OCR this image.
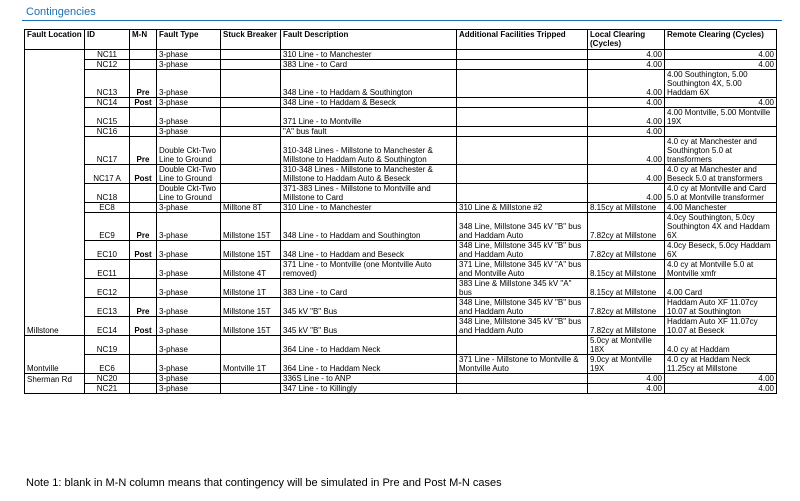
Contingencies
Fault Location	ID	M-N	Fault Type	Stuck Breaker	Fault Description	Additional Facilities Tripped	Local Clearing (Cycles)	Remote Clearing (Cycles)
	NC11		3-phase		310 Line - to Manchester		4.00	4.00
	NC12		3-phase		383 Line - to Card		4.00	4.00
	NC13	Pre	3-phase		348 Line - to Haddam & Southington		4.00	4.00 Southington, 5.00 Southington 4X, 5.00 Haddam 6X
	NC14	Post	3-phase		348 Line - to Haddam & Beseck		4.00	4.00
	NC15		3-phase		371 Line - to Montville		4.00	4.00 Montville, 5.00 Montville 19X
	NC16		3-phase		"A" bus fault		4.00	
	NC17	Pre	Double Ckt-Two Line to Ground		310-348 Lines - Millstone to Manchester & Millstone to Haddam Auto & Southington		4.00	4.0 cy at Manchester and Southington 5.0 at transformers
	NC17 A	Post	Double Ckt-Two Line to Ground		310-348 Lines - Millstone to Manchester & Millstone to Haddam Auto & Beseck		4.00	4.0 cy at Manchester and Beseck 5.0 at transformers
	NC18		Double Ckt-Two Line to Ground		371-383 Lines - Millstone to Montville and Millstone to Card		4.00	4.0 cy at Montville and Card 5.0 at Montville transformer
	EC8		3-phase	Milltone 8T	310 Line - to Manchester	310 Line & Millstone #2	8.15cy at Millstone	4.00 Manchester
	EC9	Pre	3-phase	Millstone 15T	348 Line - to Haddam and Southington	348 Line, Millstone 345 kV "B" bus and Haddam Auto	7.82cy at Millstone	4.0cy Southington, 5.0cy Southington 4X and Haddam 6X
	EC10	Post	3-phase	Millstone 15T	348 Line - to Haddam and Beseck	348 Line, Millstone 345 kV "B" bus and Haddam Auto	7.82cy at Millstone	4.0cy Beseck, 5.0cy Haddam 6X
	EC11		3-phase	Millstone 4T	371 Line - to Montville (one Montville Auto removed)	371 Line, Millstone 345 kV "A" bus and Montville Auto	8.15cy at Millstone	4.0 cy at Montville 5.0 at Montville xmfr
	EC12		3-phase	Millstone 1T	383 Line - to Card	383 Line & Millstone 345 kV "A" bus	8.15cy at Millstone	4.00 Card
	EC13	Pre	3-phase	Millstone 15T	345 kV "B" Bus	348 Line, Millstone 345 kV "B" bus and Haddam Auto	7.82cy at Millstone	Haddam Auto XF 11.07cy 10.07 at Southington
Millstone	EC14	Post	3-phase	Millstone 15T	345 kV "B" Bus	348 Line, Millstone 345 kV "B" bus and Haddam Auto	7.82cy at Millstone	Haddam Auto XF 11.07cy 10.07 at Beseck
	NC19		3-phase		364 Line - to Haddam Neck		5.0cy at Montville 18X	4.0 cy at Haddam
Montville	EC6		3-phase	Montville 1T	364 Line - to Haddam Neck	371 Line - Millstone to Montville & Montville Auto	9.0cy at Montville 19X	4.0 cy at Haddam Neck 11.25cy at Millstone
Sherman Rd	NC20		3-phase		336S Line - to ANP		4.00	4.00
	NC21		3-phase		347 Line - to Killingly		4.00	4.00
Note 1: blank in M-N column means that contingency will be simulated in Pre and Post M-N cases
